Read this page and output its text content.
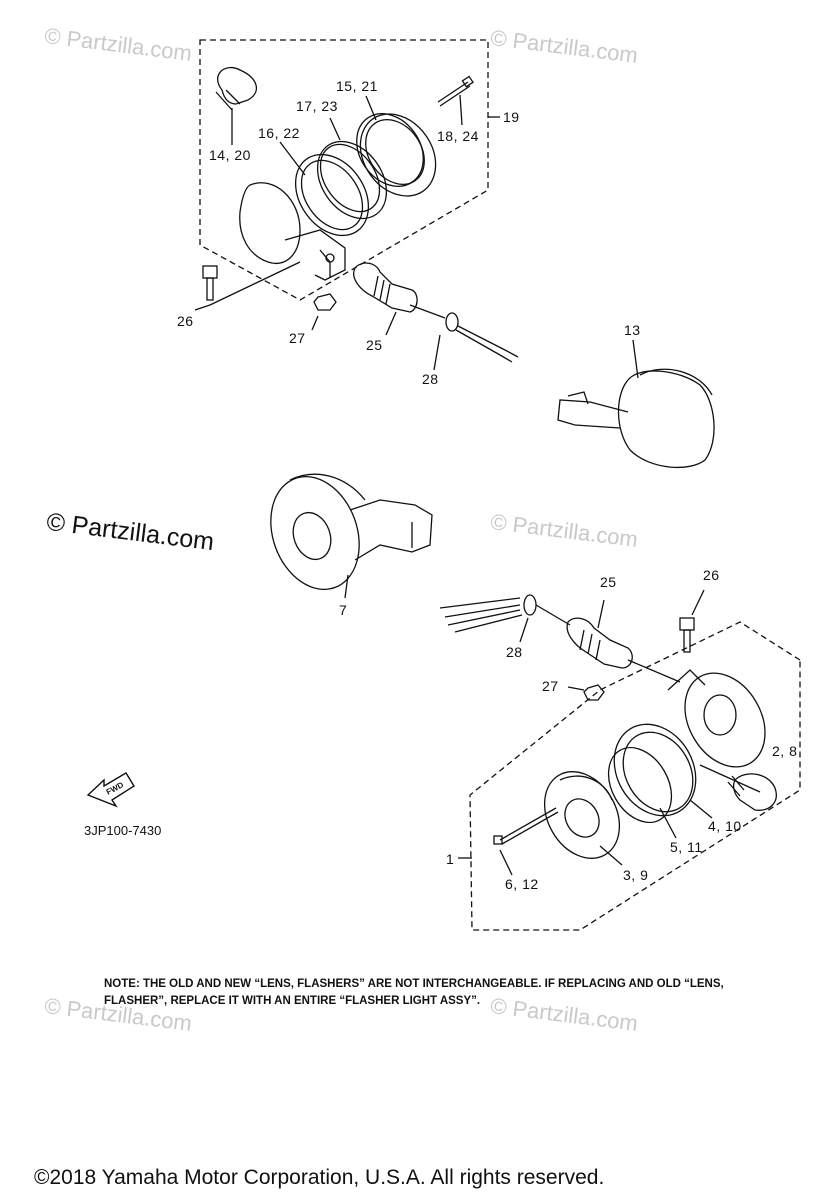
© Partzilla.com	© Partzilla.com
© Partzilla.com
© Partzilla.com	© Partzilla.com
© Partzilla.com
FWD
14, 20
15, 21
17, 23
16, 22	18, 24
19
26
27	25
28
13
7
25	26
28
27
2, 8
4, 10
5, 11
1
6, 12
3, 9
3JP100-7430
NOTE: THE OLD AND NEW “LENS, FLASHERS” ARE NOT INTERCHANGEABLE. IF REPLACING AND OLD “LENS, FLASHER”, REPLACE IT WITH AN ENTIRE “FLASHER LIGHT ASSY”.
©2018 Yamaha Motor Corporation, U.S.A. All rights reserved.
